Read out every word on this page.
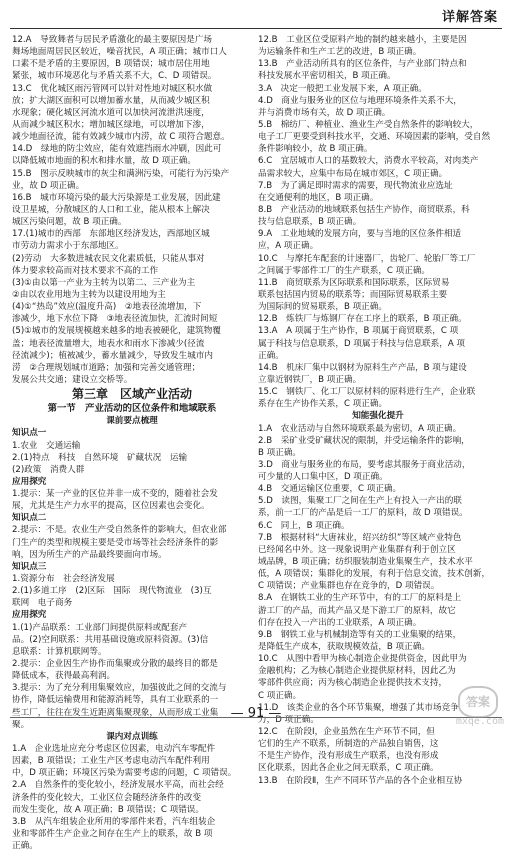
详解答案
12.A　导致舞者与居民矛盾激化的最主要原因是广场
舞场地面周居民区较近，噪音扰民，A 项正确；城市口人
口素不是矛盾的主要原因，B 项错误；城市居住用地
紧张，城市环境恶化与矛盾关系不大，C、D 项错误。
13.C　优化城区雨污管网可以针对性地对城区积水做
放；扩大湖区面积可以增加蓄水量，从而减少城区积
水现象；硬化城区河流水道可以加快河流泄洪速度，
从而减少城区积水；增加城区绿地，可以增加下渗，
减少地面径流，能有效减少城市内涝，故 C 项符合题意。
14.D　绿地的防尘效应，能有效遮挡雨水冲刷，因此可
以降低城市地面的积水和排水量，故 D 项正确。
15.B　图示反映城市的灰尘和满洲污染，可能行为污染产
业，故 D 项正确。
16.B　城市环境污染的最大污染源是工业发展，因此建
设卫星城，分散城区的人口和工业，能从根本上解决
城区污染问题，故 B 项正确。
17.(1)城市的西部　东部地区经济发达，西部地区城
市劳动力需求小于东部地区。
(2)劳动　大多数进城农民文化素质低，只能从事对
体力要求较高而对技术要求不高的工作
(3)①由以第一产业为主转为以第二、三产业为主
②由以农业用地为主转为以建设用地为主
(4)①“热岛”效应(温度升高)　②地表径流增加，下
渗减少，地下水位下降　③地表径流加快，汇流时间短
(5)①城市的发展规模越来越多的地表被硬化，建筑物覆
盖；地表径流量增大，地表水和雨水下渗减少(径流
径流减少)；植被减少，蓄水量减少，导致发生城市内
涝　②合理规划城市道路；加强和完善交通管理；
发展公共交通；建设立交桥等。
第三章　区域产业活动
第一节　产业活动的区位条件和地域联系
课前要点梳理
知识点一
1.农业　交通运输
2.(1)特点　科技　自然环境　矿藏状况　运输
(2)政策　消费人群
应用探究
1.提示：某一产业的区位并非一成不变的，随着社会发
展，尤其是生产力水平的提高，区位因素也会变化。
知识点二
2.提示：不是。农业生产受自然条件的影响大，但农业部
门生产的类型和规模主要是受市场等社会经济条件的影
响，因为所生产的产品最终要面向市场。
知识点三
1.资源分布　社会经济发展
2.(1)多道工序　(2)区际　国际　现代物流业　(3)互
联网　电子商务
应用探究
1.(1)产品联系：工业部门间提供原料或配套产
品。(2)空间联系：共用基础设施或原料资源。(3)信
息联系：计算机联网等。
2.提示：企业因生产协作而集聚或分散的最终目的都是
降低成本，获得最高利润。
3.提示：为了充分利用集聚效应，加强彼此之间的交流与
协作，降低运输费用和能源消耗等，具有工业联系的一
些工厂，往往在发生近距离集聚现象，从而形成工业集
聚。
课内对点训练
1.A　企业选址应充分考虑区位因素，电动汽车零配件
因素，B 项错误；工业生产区考虑电动汽车配件利用
中，D 项正确；环境区污染为需要考虑的问题，C 项错误。
2.A　自然条件的变化较小，经济发展水平高，而社会经
济条件的变化较大，工业区位会随经济条件的改变
而发生变化，故 A 项正确；B 项错误；C 项错误。
3.B　从汽车组装企业所用的零部件来看，汽车组装企
业和零部件生产企业之间存在生产上的联系，故 B 项
正确。
12.B　工业区位受原料产地的制约越来越小，主要是因
为运输条件和生产工艺的改进，B 项正确。
13.B　产业活动所具有的区位条件，与产业部门特点和
科技发展水平密切相关，B 项正确。
3.A　决定一般把工业发展下来，A 项正确。
4.D　商业与服务业的区位与地理环境条件关系不大，
并与消费市场有关，故 D 项正确。
5.B　棉纺厂、种植业、渔业生产受自然条件的影响较大，
电子工厂更要受到科技水平，交通、环境因素的影响，受自然
条件影响较小，故 B 项正确。
6.C　宜居城市人口的基数较大，消费水平较高，对肉类产
品需求较大，应集中布局在城市郊区，C 项正确。
7.B　为了满足即时需求的需要，现代物流业应选址
在交通便利的地区，B 项正确。
8.B　产业活动的地域联系包括生产协作，商贸联系，科
技与信息联系，B 项正确。
9.A　工业地域的发展方向，要与当地的区位条件相适
应，A 项正确。
10.C　与摩托车配套的计速器厂，齿轮厂、轮胎厂等工厂
之间属于零部件工厂的生产联系，C 项正确。
11.B　商贸联系为区际联系和国际联系，区际贸易
联系包括国内贸易的联系等；而国际贸易联系主要
为国际间的贸易联系，B 项正确。
12.B　炼铁厂与炼钢厂存在工序上的联系，B 项正确。
13.A　A 项属于生产协作，B 项属于商贸联系，C 项
属于科技与信息联系，D 项属于科技与信息联系，A 项
正确。
14.B　机床厂集中以钢材为原料生产产品，B 项与建设
立靠近钢铁厂，B 项正确。
15.C　钢铁厂、化工厂以原材料的原料进行生产，企业联
系存在生产协作关系，C 项正确。
知能强化提升
1.A　农业活动与自然环境联系最为密切，A 项正确。
2.B　采矿业受矿藏状况的限制，并受运输条件的影响，
B 项正确。
3.D　商业与服务业的布局，要考虑其服务于商业活动，
可少量的人口集中区，D 项正确。
4.B　交通运输区位重要，C 项正确。
5.D　读图，集聚工厂之间在生产上有投入一产出的联
系，前一工厂的产品是后一工厂的原料，故 D 项错误。
6.C　同上，B 项正确。
7.B　根据材料“大唐袜业，绍兴纺织”等区域产业特色
已经闻名中外。这一现象说明产业集群有利于创立区
域品牌，B 项正确；纺织服装制造业集聚生产，技术水平
低，A 项错误；集群化的发展，有利于信息交流，技术创新，
C 项错误；产业集群也存在竞争的，D 项错误。
8.A　在钢铁工业的生产环节中，有的工厂的原料是上
游工厂的产品，而其产品又是下游工厂的原料，故它
们存在投入一产出的工业联系，A 项正确。
9.B　钢铁工业与机械制造等有关的工业集聚的结果，
是降低生产成本，获取规模效益，B 项正确。
10.C　从图中看甲为核心制造企业提供资金，因此甲为
金融机构；乙为核心制造企业提供原材料，因此乙为
零部件供应商；丙为核心制造企业提供技术支持，
C 项正确。
11.D　该类企业的各个环节集聚，增强了其市场竞争
力，D 项正确。
12.C　在阶段Ⅰ，企业虽然在生产环节不同，但
它们的生产不联系，所制造的产品独自销售，这
不是生产协作，没有形成生产联系，也没有形成
区化联系，因此各企业之间无联系，C 项正确。
13.B　在阶段Ⅱ，生产不同环节产品的各个企业相互协
— 91 —
答案
mxqe.com
